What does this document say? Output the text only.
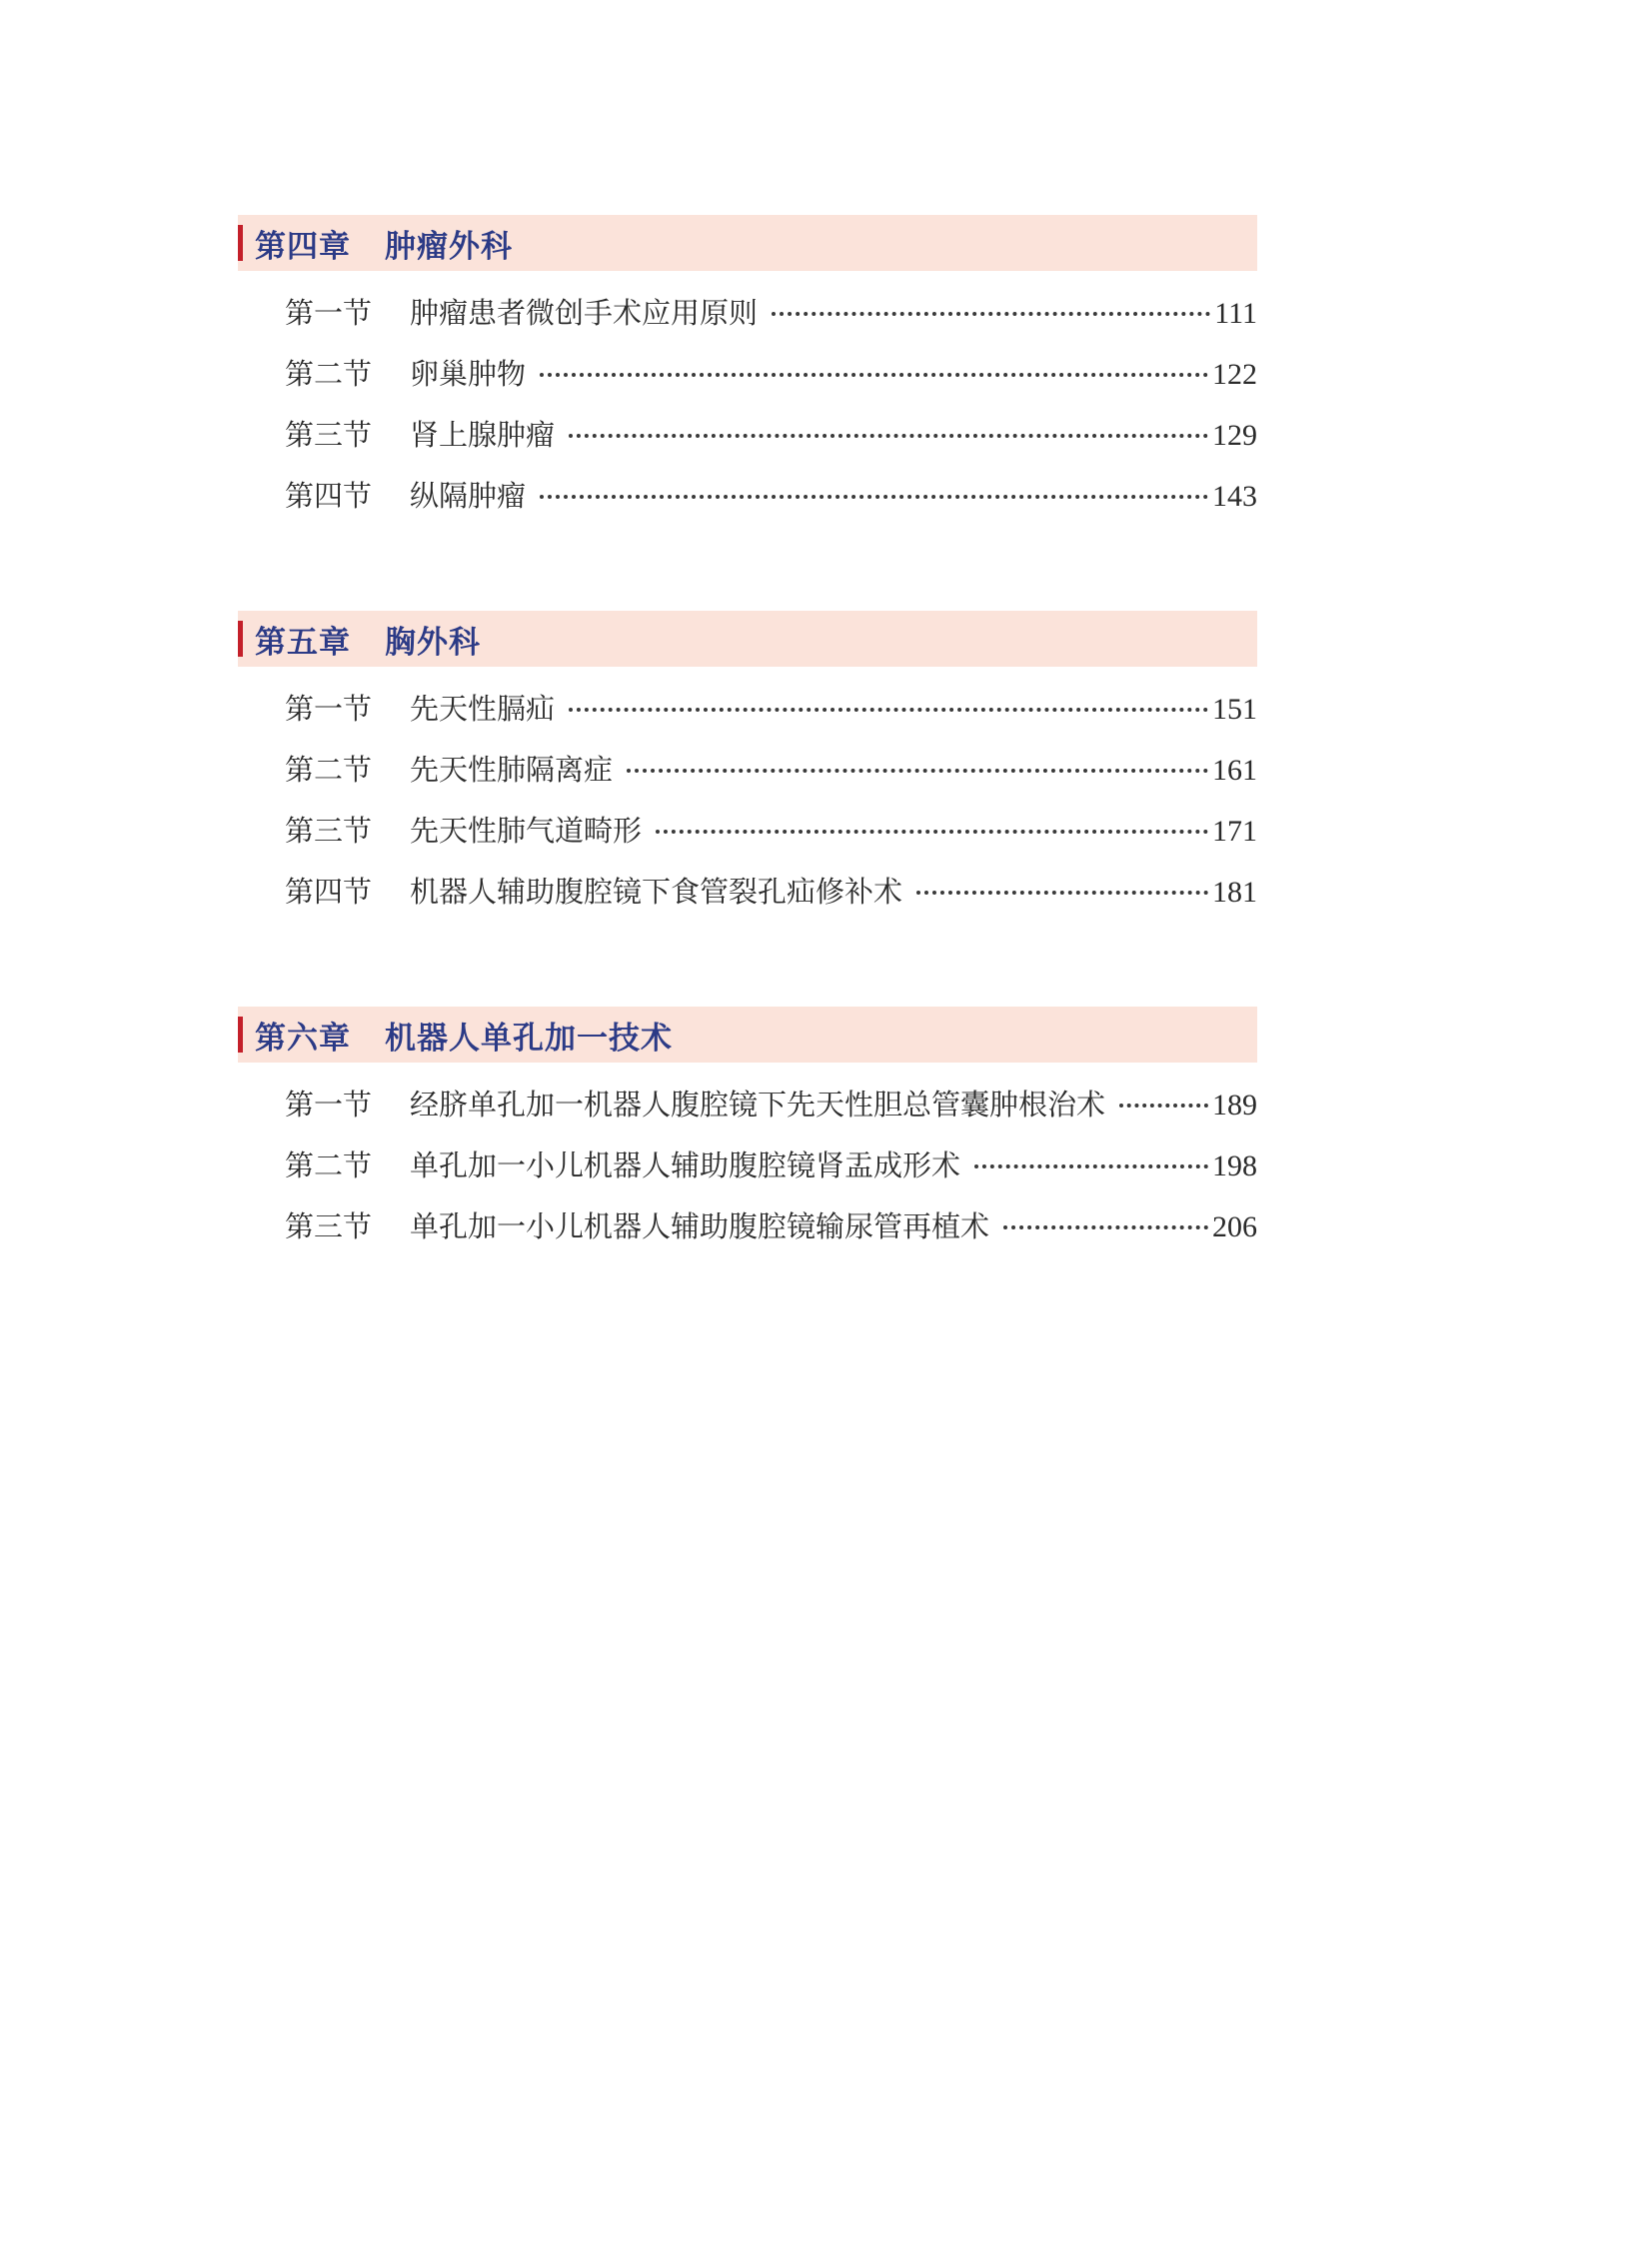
第四章 肿瘤外科
第一节	肿瘤患者微创手术应用原则	111
第二节	卵巢肿物	122
第三节	肾上腺肿瘤	129
第四节	纵隔肿瘤	143
第五章 胸外科
第一节	先天性膈疝	151
第二节	先天性肺隔离症	161
第三节	先天性肺气道畸形	171
第四节	机器人辅助腹腔镜下食管裂孔疝修补术	181
第六章 机器人单孔加一技术
第一节	经脐单孔加一机器人腹腔镜下先天性胆总管囊肿根治术	189
第二节	单孔加一小儿机器人辅助腹腔镜肾盂成形术	198
第三节	单孔加一小儿机器人辅助腹腔镜输尿管再植术	206
